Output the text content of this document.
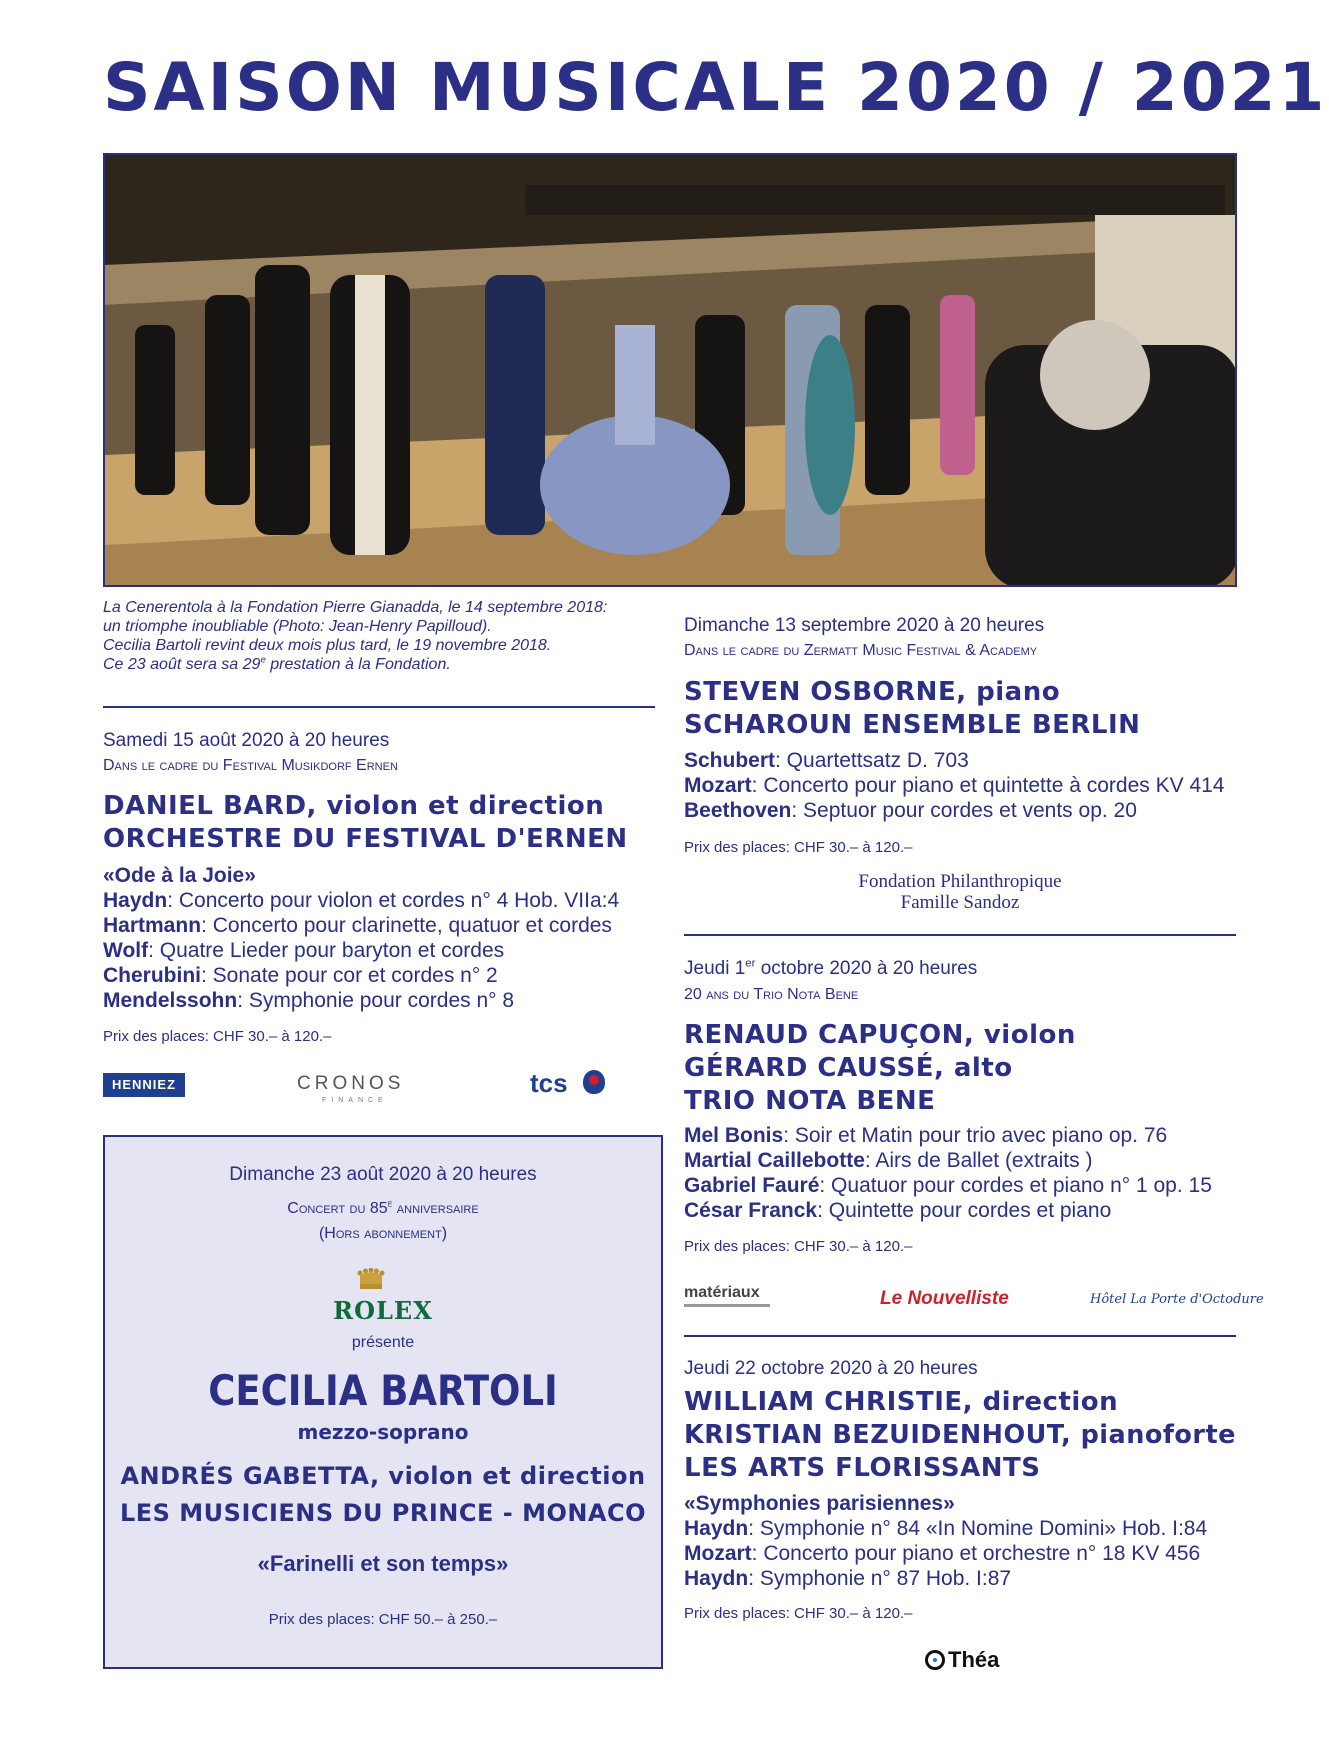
SAISON MUSICALE 2020 / 2021
La Cenerentola à la Fondation Pierre Gianadda, le 14 septembre 2018:
un triomphe inoubliable (Photo: Jean-Henry Papilloud).
Cecilia Bartoli revint deux mois plus tard, le 19 novembre 2018.
Ce 23 août sera sa 29e prestation à la Fondation.
Samedi 15 août 2020 à 20 heures
Dans le cadre du Festival Musikdorf Ernen
DANIEL BARD, violon et direction
ORCHESTRE DU FESTIVAL D'ERNEN
«Ode à la Joie»
Haydn: Concerto pour violon et cordes n° 4 Hob. VIIa:4
Hartmann: Concerto pour clarinette, quatuor et cordes
Wolf: Quatre Lieder pour baryton et cordes
Cherubini: Sonate pour cor et cordes n° 2
Mendelssohn: Symphonie pour cordes n° 8
Prix des places: CHF 30.– à 120.–
HENNIEZ	CRONOS
FINANCE
tcs
Dimanche 23 août 2020 à 20 heures
Concert du 85e anniversaire
(Hors abonnement)
ROLEX
présente
CECILIA BARTOLI
mezzo-soprano
ANDRÉS GABETTA, violon et direction
LES MUSICIENS DU PRINCE - MONACO
«Farinelli et son temps»
Prix des places: CHF 50.– à 250.–
Dimanche 13 septembre 2020 à 20 heures
Dans le cadre du Zermatt Music Festival & Academy
STEVEN OSBORNE, piano
SCHAROUN ENSEMBLE BERLIN
Schubert: Quartettsatz D. 703
Mozart: Concerto pour piano et quintette à cordes KV 414
Beethoven: Septuor pour cordes et vents op. 20
Prix des places: CHF 30.– à 120.–
Fondation Philanthropique
Famille Sandoz
Jeudi 1er octobre 2020 à 20 heures
20 ans du Trio Nota Bene
RENAUD CAPUÇON, violon
GÉRARD CAUSSÉ, alto
TRIO NOTA BENE
Mel Bonis: Soir et Matin pour trio avec piano op. 76
Martial Caillebotte: Airs de Ballet (extraits )
Gabriel Fauré: Quatuor pour cordes et piano n° 1 op. 15
César Franck: Quintette pour cordes et piano
Prix des places: CHF 30.– à 120.–
matériaux	Le Nouvelliste	Hôtel La Porte d'Octodure
Jeudi 22 octobre 2020 à 20 heures
WILLIAM CHRISTIE, direction
KRISTIAN BEZUIDENHOUT, pianoforte
LES ARTS FLORISSANTS
«Symphonies parisiennes»
Haydn: Symphonie n° 84 «In Nomine Domini» Hob. I:84
Mozart: Concerto pour piano et orchestre n° 18 KV 456
Haydn: Symphonie n° 87 Hob. I:87
Prix des places: CHF 30.– à 120.–
Théa
